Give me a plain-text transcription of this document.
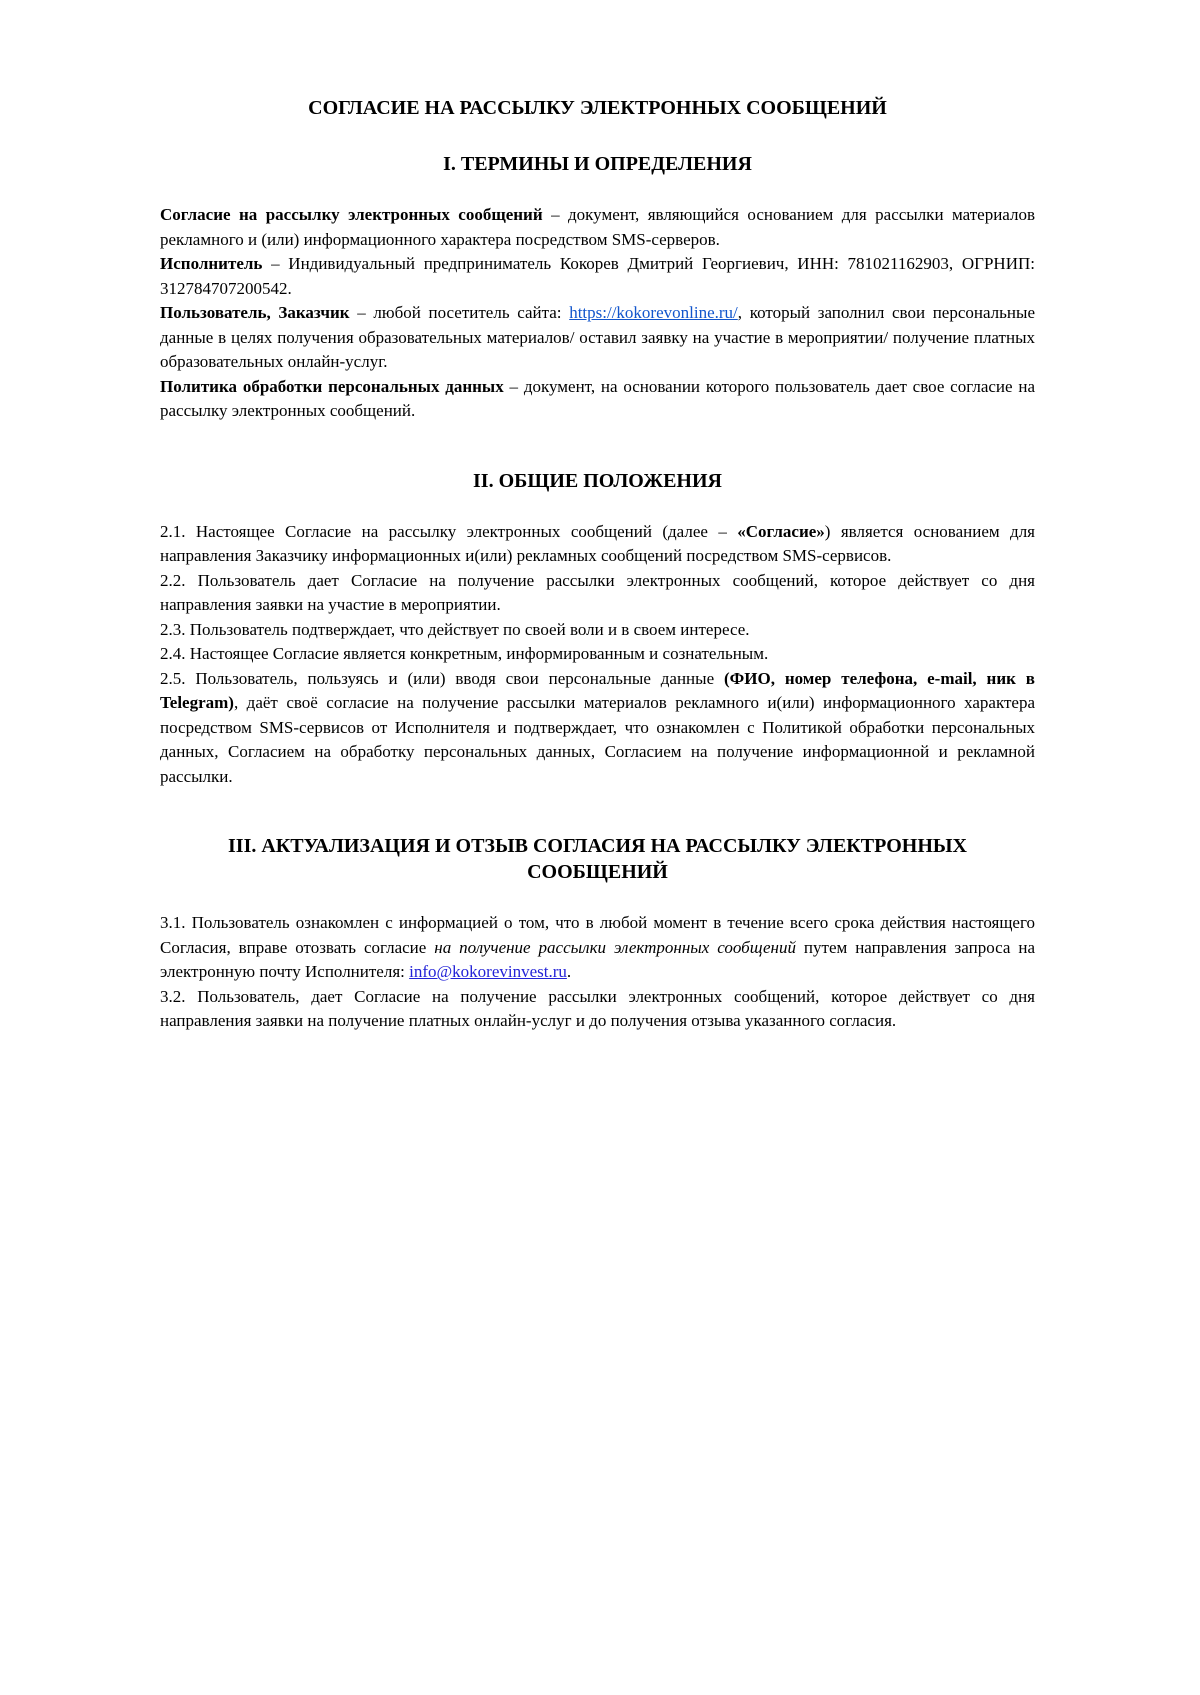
СОГЛАСИЕ НА РАССЫЛКУ ЭЛЕКТРОННЫХ СООБЩЕНИЙ
I. ТЕРМИНЫ И ОПРЕДЕЛЕНИЯ

Согласие на рассылку электронных сообщений – документ, являющийся основанием для рассылки материалов рекламного и (или) информационного характера посредством SMS-серверов.

Исполнитель – Индивидуальный предприниматель Кокорев Дмитрий Георгиевич, ИНН: 781021162903, ОГРНИП: 312784707200542.

Пользователь, Заказчик – любой посетитель сайта: https://kokorevonline.ru/, который заполнил свои персональные данные в целях получения образовательных материалов/ оставил заявку на участие в мероприятии/ получение платных образовательных онлайн-услуг.

Политика обработки персональных данных – документ, на основании которого пользователь дает свое согласие на рассылку электронных сообщений.

II. ОБЩИЕ ПОЛОЖЕНИЯ

2.1. Настоящее Согласие на рассылку электронных сообщений (далее – «Согласие») является основанием для направления Заказчику информационных и(или) рекламных сообщений посредством SMS-сервисов.

2.2. Пользователь дает Согласие на получение рассылки электронных сообщений, которое действует со дня направления заявки на участие в мероприятии.

2.3. Пользователь подтверждает, что действует по своей воли и в своем интересе.

2.4. Настоящее Согласие является конкретным, информированным и сознательным.

2.5. Пользователь, пользуясь и (или) вводя свои персональные данные (ФИО, номер телефона, e-mail, ник в Telegram), даёт своё согласие на получение рассылки материалов рекламного и(или) информационного характера посредством SMS-сервисов от Исполнителя и подтверждает, что ознакомлен с Политикой обработки персональных данных, Согласием на обработку персональных данных, Согласием на получение информационной и рекламной рассылки.

III. АКТУАЛИЗАЦИЯ И ОТЗЫВ СОГЛАСИЯ НА РАССЫЛКУ ЭЛЕКТРОННЫХ СООБЩЕНИЙ

3.1. Пользователь ознакомлен с информацией о том, что в любой момент в течение всего срока действия настоящего Согласия, вправе отозвать согласие на получение рассылки электронных сообщений путем направления запроса на электронную почту Исполнителя: info@kokorevinvest.ru.

3.2. Пользователь, дает Согласие на получение рассылки электронных сообщений, которое действует со дня направления заявки на получение платных онлайн-услуг и до получения отзыва указанного согласия.
